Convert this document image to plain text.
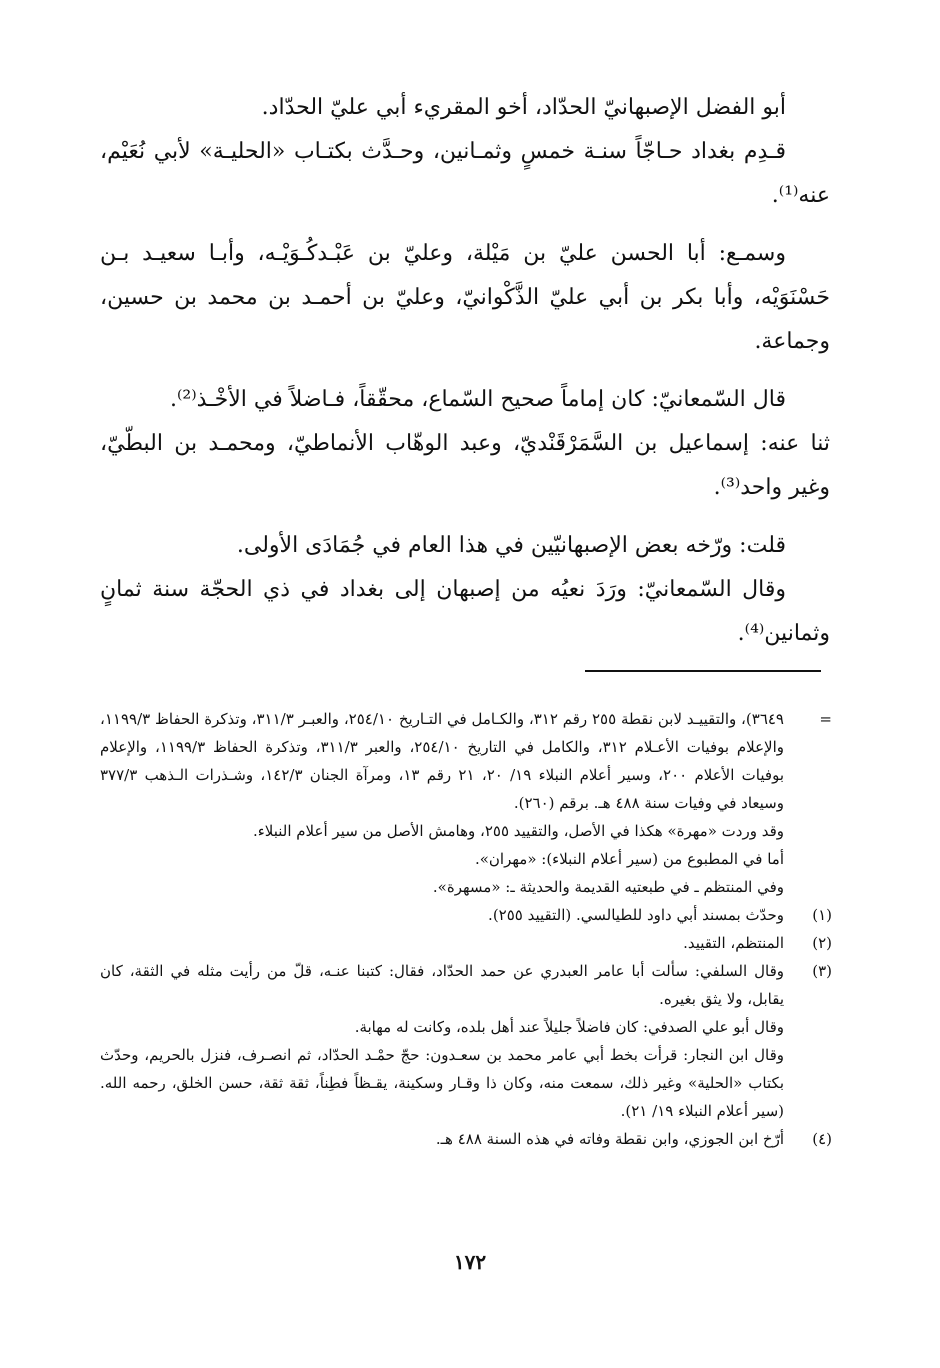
أبو الفضل الإصبهانيّ الحدّاد، أخو المقريء أبي عليّ الحدّاد.

قـدِم بغداد حـاجّاً سنـة خمسٍ وثمـانين، وحـدَّث بكتـاب «الحليـة» لأبي نُعَيْم، عنه⁽¹⁾.

وسمـع: أبا الحسن عليّ بن مَيْلة، وعليّ بن عَبْـدكُـوَيْـه، وأبـا سعيـد بـن حَسْنَوَيْه، وأبا بكر بن أبي عليّ الذَّكْوانيّ، وعليّ بن أحمـد بن محمد بن حسين، وجماعة.

قال السّمعانيّ: كان إماماً صحيح السّماع، محقّقاً، فـاضلاً في الأخْـذ⁽²⁾.

ثنا عنه: إسماعيل بن السَّمَرْقَنْديّ، وعبد الوهّاب الأنماطيّ، ومحمـد بن البطّيّ، وغير واحد⁽³⁾.

قلت: ورّخه بعض الإصبهانيّين في هذا العام في جُمَادَى الأولى.

وقال السّمعانيّ: ورَدَ نعيُه من إصبهان إلى بغداد في ذي الحجّة سنة ثمانٍ وثمانين⁽⁴⁾.

=

٣٦٤٩)، والتقييـد لابن نقطة ٢٥٥ رقم ٣١٢، والكـامل في التـاريخ ٢٥٤/١٠، والعبـر ٣١١/٣، وتذكرة الحفاظ ١١٩٩/٣، والإعلام بوفيات الأعـلام ٣١٢، والكامل في التاريخ ٢٥٤/١٠، والعبر ٣١١/٣، وتذكرة الحفاظ ١١٩٩/٣، والإعلام بوفيات الأعلام ٢٠٠، وسير أعلام النبلاء ١٩/ ٢٠، ٢١ رقم ١٣، ومرآة الجنان ١٤٢/٣، وشـذرات الـذهب ٣٧٧/٣ وسيعاد في وفيات سنة ٤٨٨ هـ. برقم (٢٦٠).

وقد وردت «مهرة» هكذا في الأصل، والتقييد ٢٥٥، وهامش الأصل من سير أعلام النبلاء.

أما في المطبوع من (سير أعلام النبلاء): «مهران».

وفي المنتظم ـ في طبعتيه القديمة والحديثة ـ: «مسهرة».

(١)

وحدّث بمسند أبي داود للطيالسي. (التقييد ٢٥٥).

(٢)

المنتظم، التقييد.

(٣)

وقال السلفي: سألت أبا عامر العبدري عن حمد الحدّاد، فقال: كتبنا عنـه، قلّ من رأيت مثله في الثقة، كان يقابل، ولا يثق بغيره.

وقال أبو علي الصدفي: كان فاضلاً جليلاً عند أهل بلده، وكانت له مهابة.

وقال ابن النجار: قرأت بخط أبي عامر محمد بن سعـدون: حجّ حمْـد الحدّاد، ثم انصـرف، فنزل بالحريم، وحدّث بكتاب «الحلية» وغير ذلك، سمعت منه، وكان ذا وقـار وسكينة، يقـظاً فطِناً، ثقة ثقة، حسن الخلق، رحمه الله. (سير أعلام النبلاء ١٩/ ٢١).

(٤)

أرّخ ابن الجوزي، وابن نقطة وفاته في هذه السنة ٤٨٨ هـ.

١٧٢
